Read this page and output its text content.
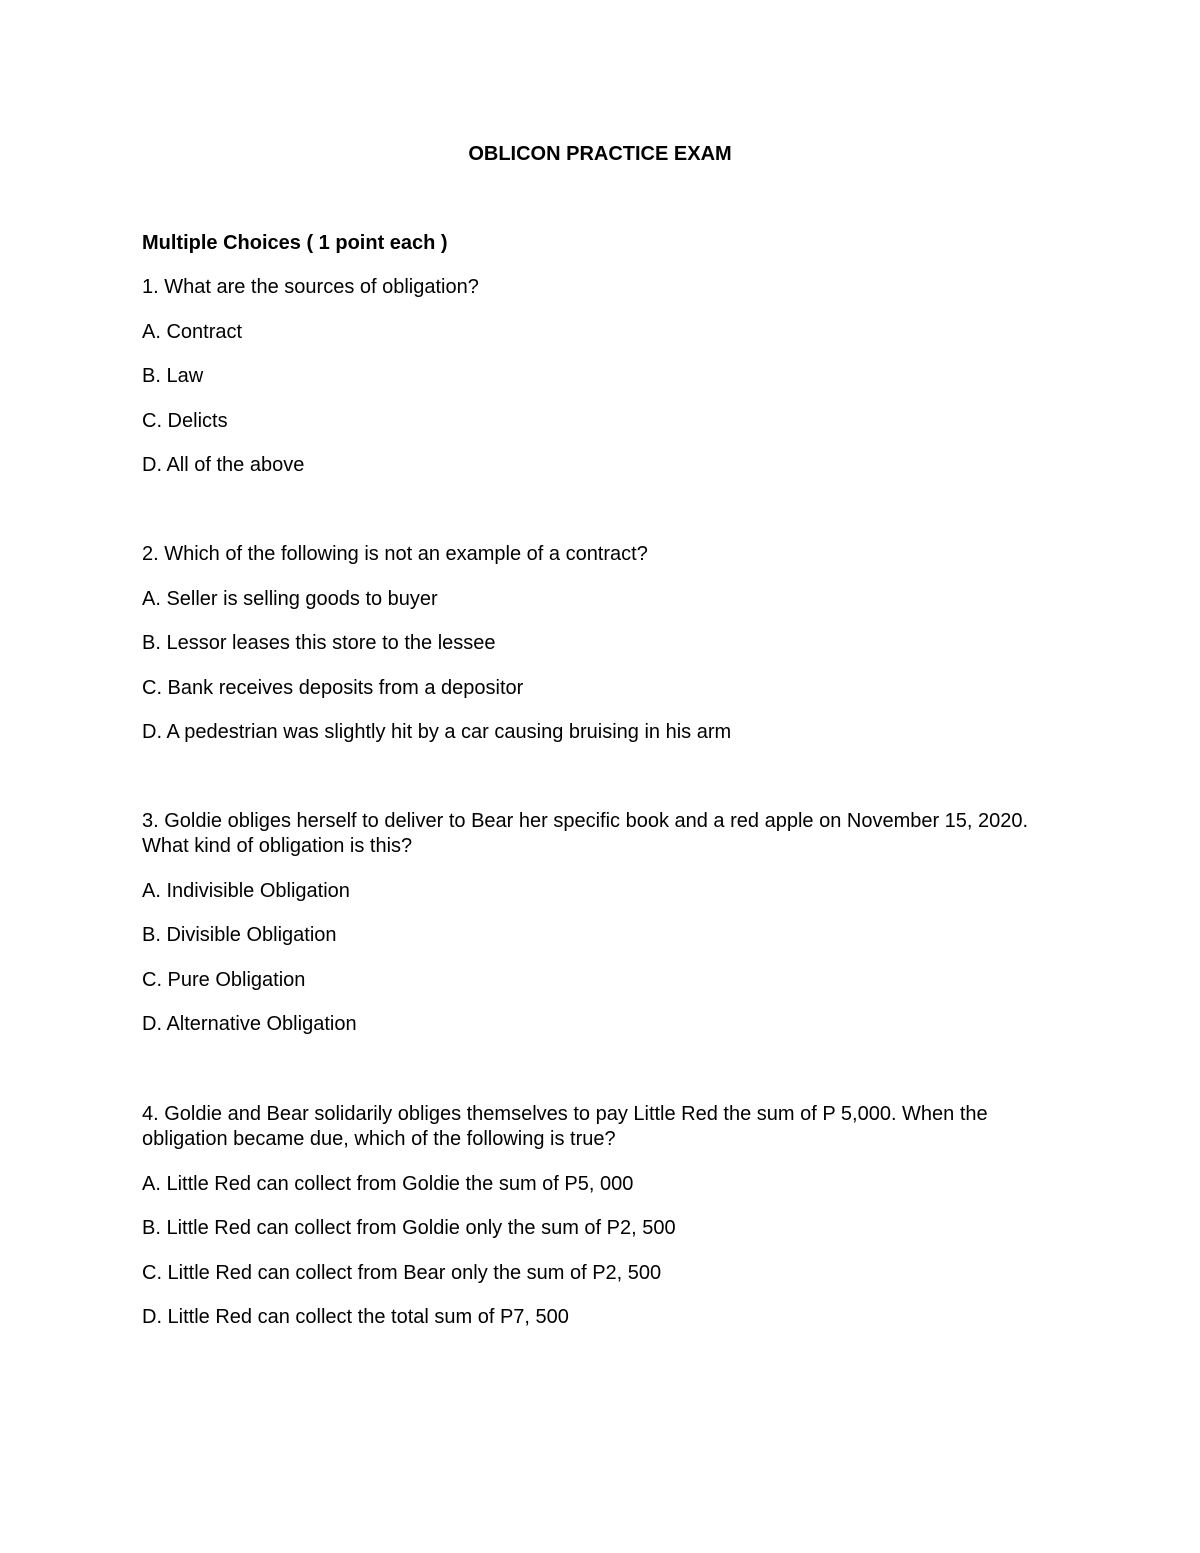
OBLICON PRACTICE EXAM
Multiple Choices ( 1 point each )

1. What are the sources of obligation?

A. Contract
B. Law
C. Delicts
D. All of the above

2. Which of the following is not an example of a contract?

A. Seller is selling goods to buyer
B. Lessor leases this store to the lessee
C. Bank receives deposits from a depositor
D. A pedestrian was slightly hit by a car causing bruising in his arm

3. Goldie obliges herself to deliver to Bear her specific book and a red apple on November 15, 2020. What kind of obligation is this?

A. Indivisible Obligation
B. Divisible Obligation
C. Pure Obligation
D. Alternative Obligation

4. Goldie and Bear solidarily obliges themselves to pay Little Red the sum of P 5,000. When the obligation became due, which of the following is true?

A. Little Red can collect from Goldie the sum of P5, 000
B. Little Red can collect from Goldie only the sum of P2, 500
C. Little Red can collect from Bear only the sum of P2, 500
D. Little Red can collect the total sum of P7, 500
